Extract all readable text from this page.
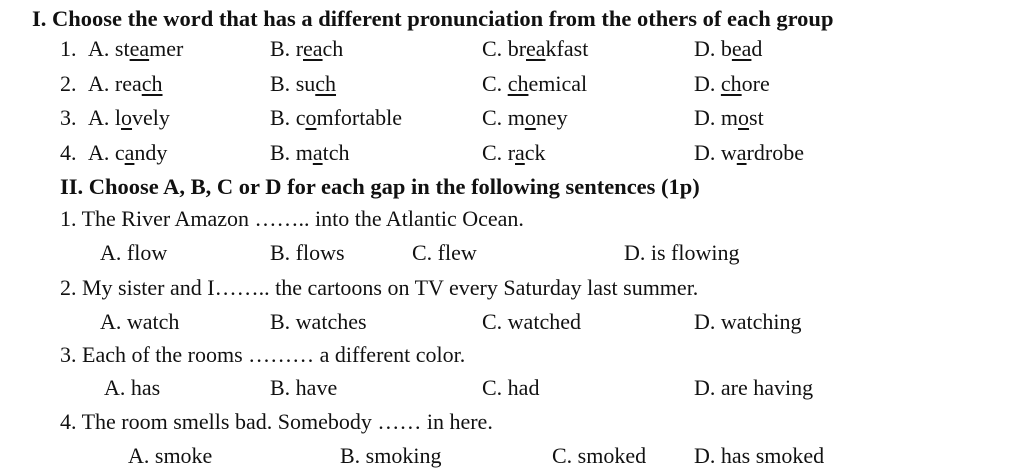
I. Choose the word that has a different pronunciation from the others of each group
1. A. steamer	B. reach	C. breakfast	D. bead
2. A. reach	B. such	C. chemical	D. chore
3. A. lovely	B. comfortable	C. money	D. most
4. A. candy	B. match	C. rack	D. wardrobe
II. Choose A, B, C or D for each gap in the following sentences (1p)
1. The River Amazon …….. into the Atlantic Ocean.
A. flow	B. flows	C. flew	D. is flowing
2. My sister and I…….. the cartoons on TV every Saturday last summer.
A. watch	B. watches	C. watched	D. watching
3. Each of the rooms ……… a different color.
A. has	B. have	C. had	D. are having
4. The room smells bad. Somebody …… in here.
A. smoke	B. smoking	C. smoked D. has smoked
